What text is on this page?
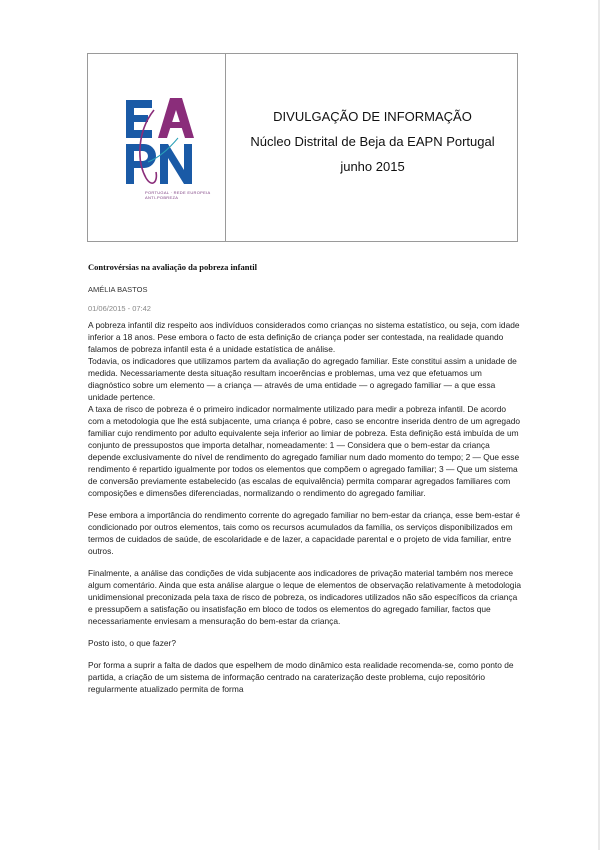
PORTUGAL · REDE EUROPEIA ANTI-POBREZA
DIVULGAÇÃO DE INFORMAÇÃO
Núcleo Distrital de Beja da EAPN Portugal
junho 2015
Controvérsias na avaliação da pobreza infantil
AMÉLIA BASTOS
01/06/2015 - 07:42

A pobreza infantil diz respeito aos indivíduos considerados como crianças no sistema estatístico, ou seja, com idade inferior a 18 anos. Pese embora o facto de esta definição de criança poder ser contestada, na realidade quando falamos de pobreza infantil esta é a unidade estatística de análise.

Todavia, os indicadores que utilizamos partem da avaliação do agregado familiar. Este constitui assim a unidade de medida. Necessariamente desta situação resultam incoerências e problemas, uma vez que efetuamos um diagnóstico sobre um elemento — a criança — através de uma entidade — o agregado familiar — a que essa unidade pertence.

A taxa de risco de pobreza é o primeiro indicador normalmente utilizado para medir a pobreza infantil. De acordo com a metodologia que lhe está subjacente, uma criança é pobre, caso se encontre inserida dentro de um agregado familiar cujo rendimento por adulto equivalente seja inferior ao limiar de pobreza. Esta definição está imbuída de um conjunto de pressupostos que importa detalhar, nomeadamente: 1 — Considera que o bem-estar da criança depende exclusivamente do nível de rendimento do agregado familiar num dado momento do tempo; 2 — Que esse rendimento é repartido igualmente por todos os elementos que compõem o agregado familiar; 3 — Que um sistema de conversão previamente estabelecido (as escalas de equivalência) permita comparar agregados familiares com composições e dimensões diferenciadas, normalizando o rendimento do agregado familiar.

Pese embora a importância do rendimento corrente do agregado familiar no bem-estar da criança, esse bem-estar é condicionado por outros elementos, tais como os recursos acumulados da família, os serviços disponibilizados em termos de cuidados de saúde, de escolaridade e de lazer, a capacidade parental e o projeto de vida familiar, entre outros.

Finalmente, a análise das condições de vida subjacente aos indicadores de privação material também nos merece algum comentário. Ainda que esta análise alargue o leque de elementos de observação relativamente à metodologia unidimensional preconizada pela taxa de risco de pobreza, os indicadores utilizados não são específicos da criança e pressupõem a satisfação ou insatisfação em bloco de todos os elementos do agregado familiar, factos que necessariamente enviesam a mensuração do bem-estar da criança.

Posto isto, o que fazer?

Por forma a suprir a falta de dados que espelhem de modo dinâmico esta realidade recomenda-se, como ponto de partida, a criação de um sistema de informação centrado na caraterização deste problema, cujo repositório regularmente atualizado permita de forma
